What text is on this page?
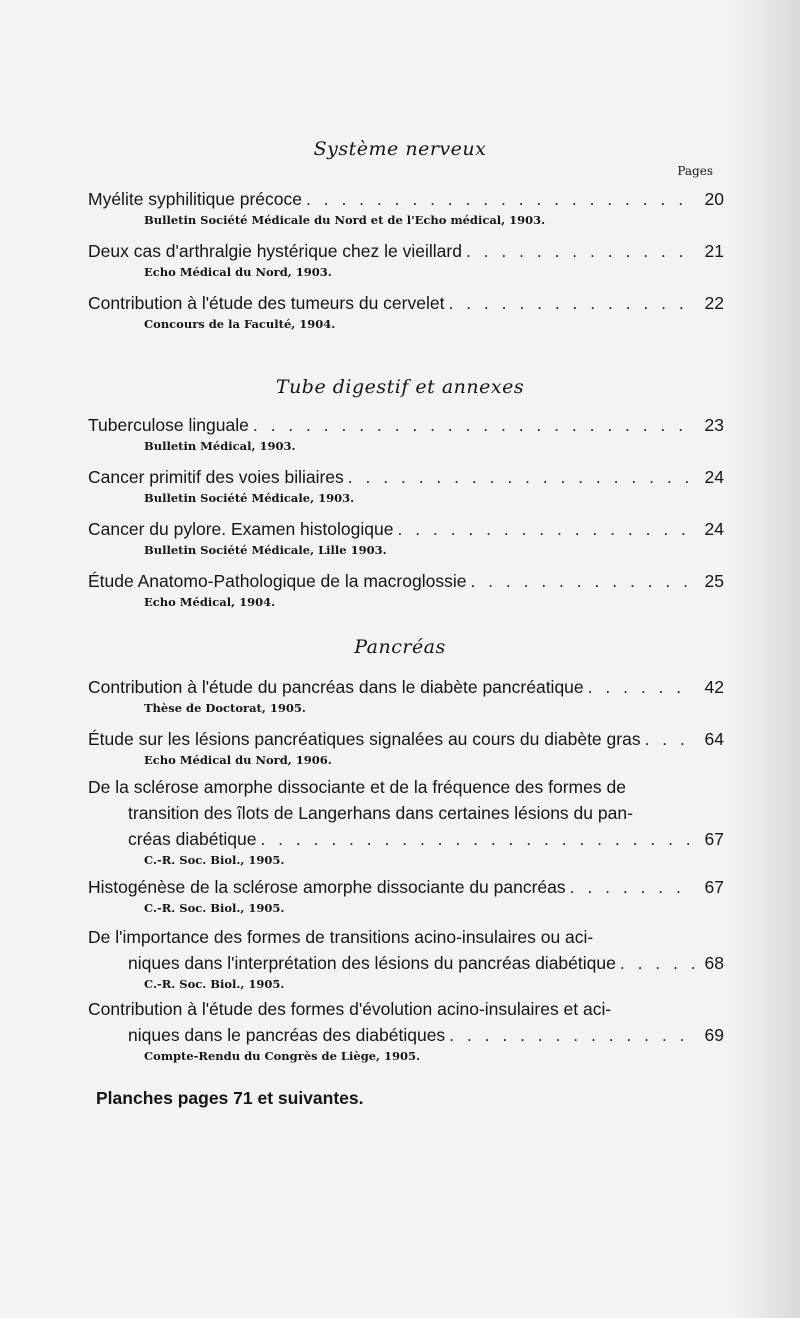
Système nerveux
Pages
Myélite syphilitique précoce . . .	20
Bulletin Société Médicale du Nord et de l'Echo médical, 1903.
Deux cas d'arthralgie hystérique chez le vieillard . . .	21
Echo Médical du Nord, 1903.
Contribution à l'étude des tumeurs du cervelet . . .	22
Concours de la Faculté, 1904.
Tube digestif et annexes
Tuberculose linguale . . .	23
Bulletin Médical, 1903.
Cancer primitif des voies biliaires . . .	24
Bulletin Société Médicale, 1903.
Cancer du pylore. Examen histologique . . .	24
Bulletin Société Médicale, Lille 1903.
Étude Anatomo-Pathologique de la macroglossie . . .	25
Echo Médical, 1904.
Pancréas
Contribution à l'étude du pancréas dans le diabète pancréatique . . .	42
Thèse de Doctorat, 1905.
Étude sur les lésions pancréatiques signalées au cours du diabète gras . . .	64
Echo Médical du Nord, 1906.
De la sclérose amorphe dissociante et de la fréquence des formes de
transition des îlots de Langerhans dans certaines lésions du pan-
créas diabétique . . .	67
C.-R. Soc. Biol., 1905.
Histogénèse de la sclérose amorphe dissociante du pancréas . . .	67
C.-R. Soc. Biol., 1905.
De l'importance des formes de transitions acino-insulaires ou aci-
niques dans l'interprétation des lésions du pancréas diabétique . . .	68
C.-R. Soc. Biol., 1905.
Contribution à l'étude des formes d'évolution acino-insulaires et aci-
niques dans le pancréas des diabétiques . . .	69
Compte-Rendu du Congrès de Liège, 1905.
Planches pages 71 et suivantes.
